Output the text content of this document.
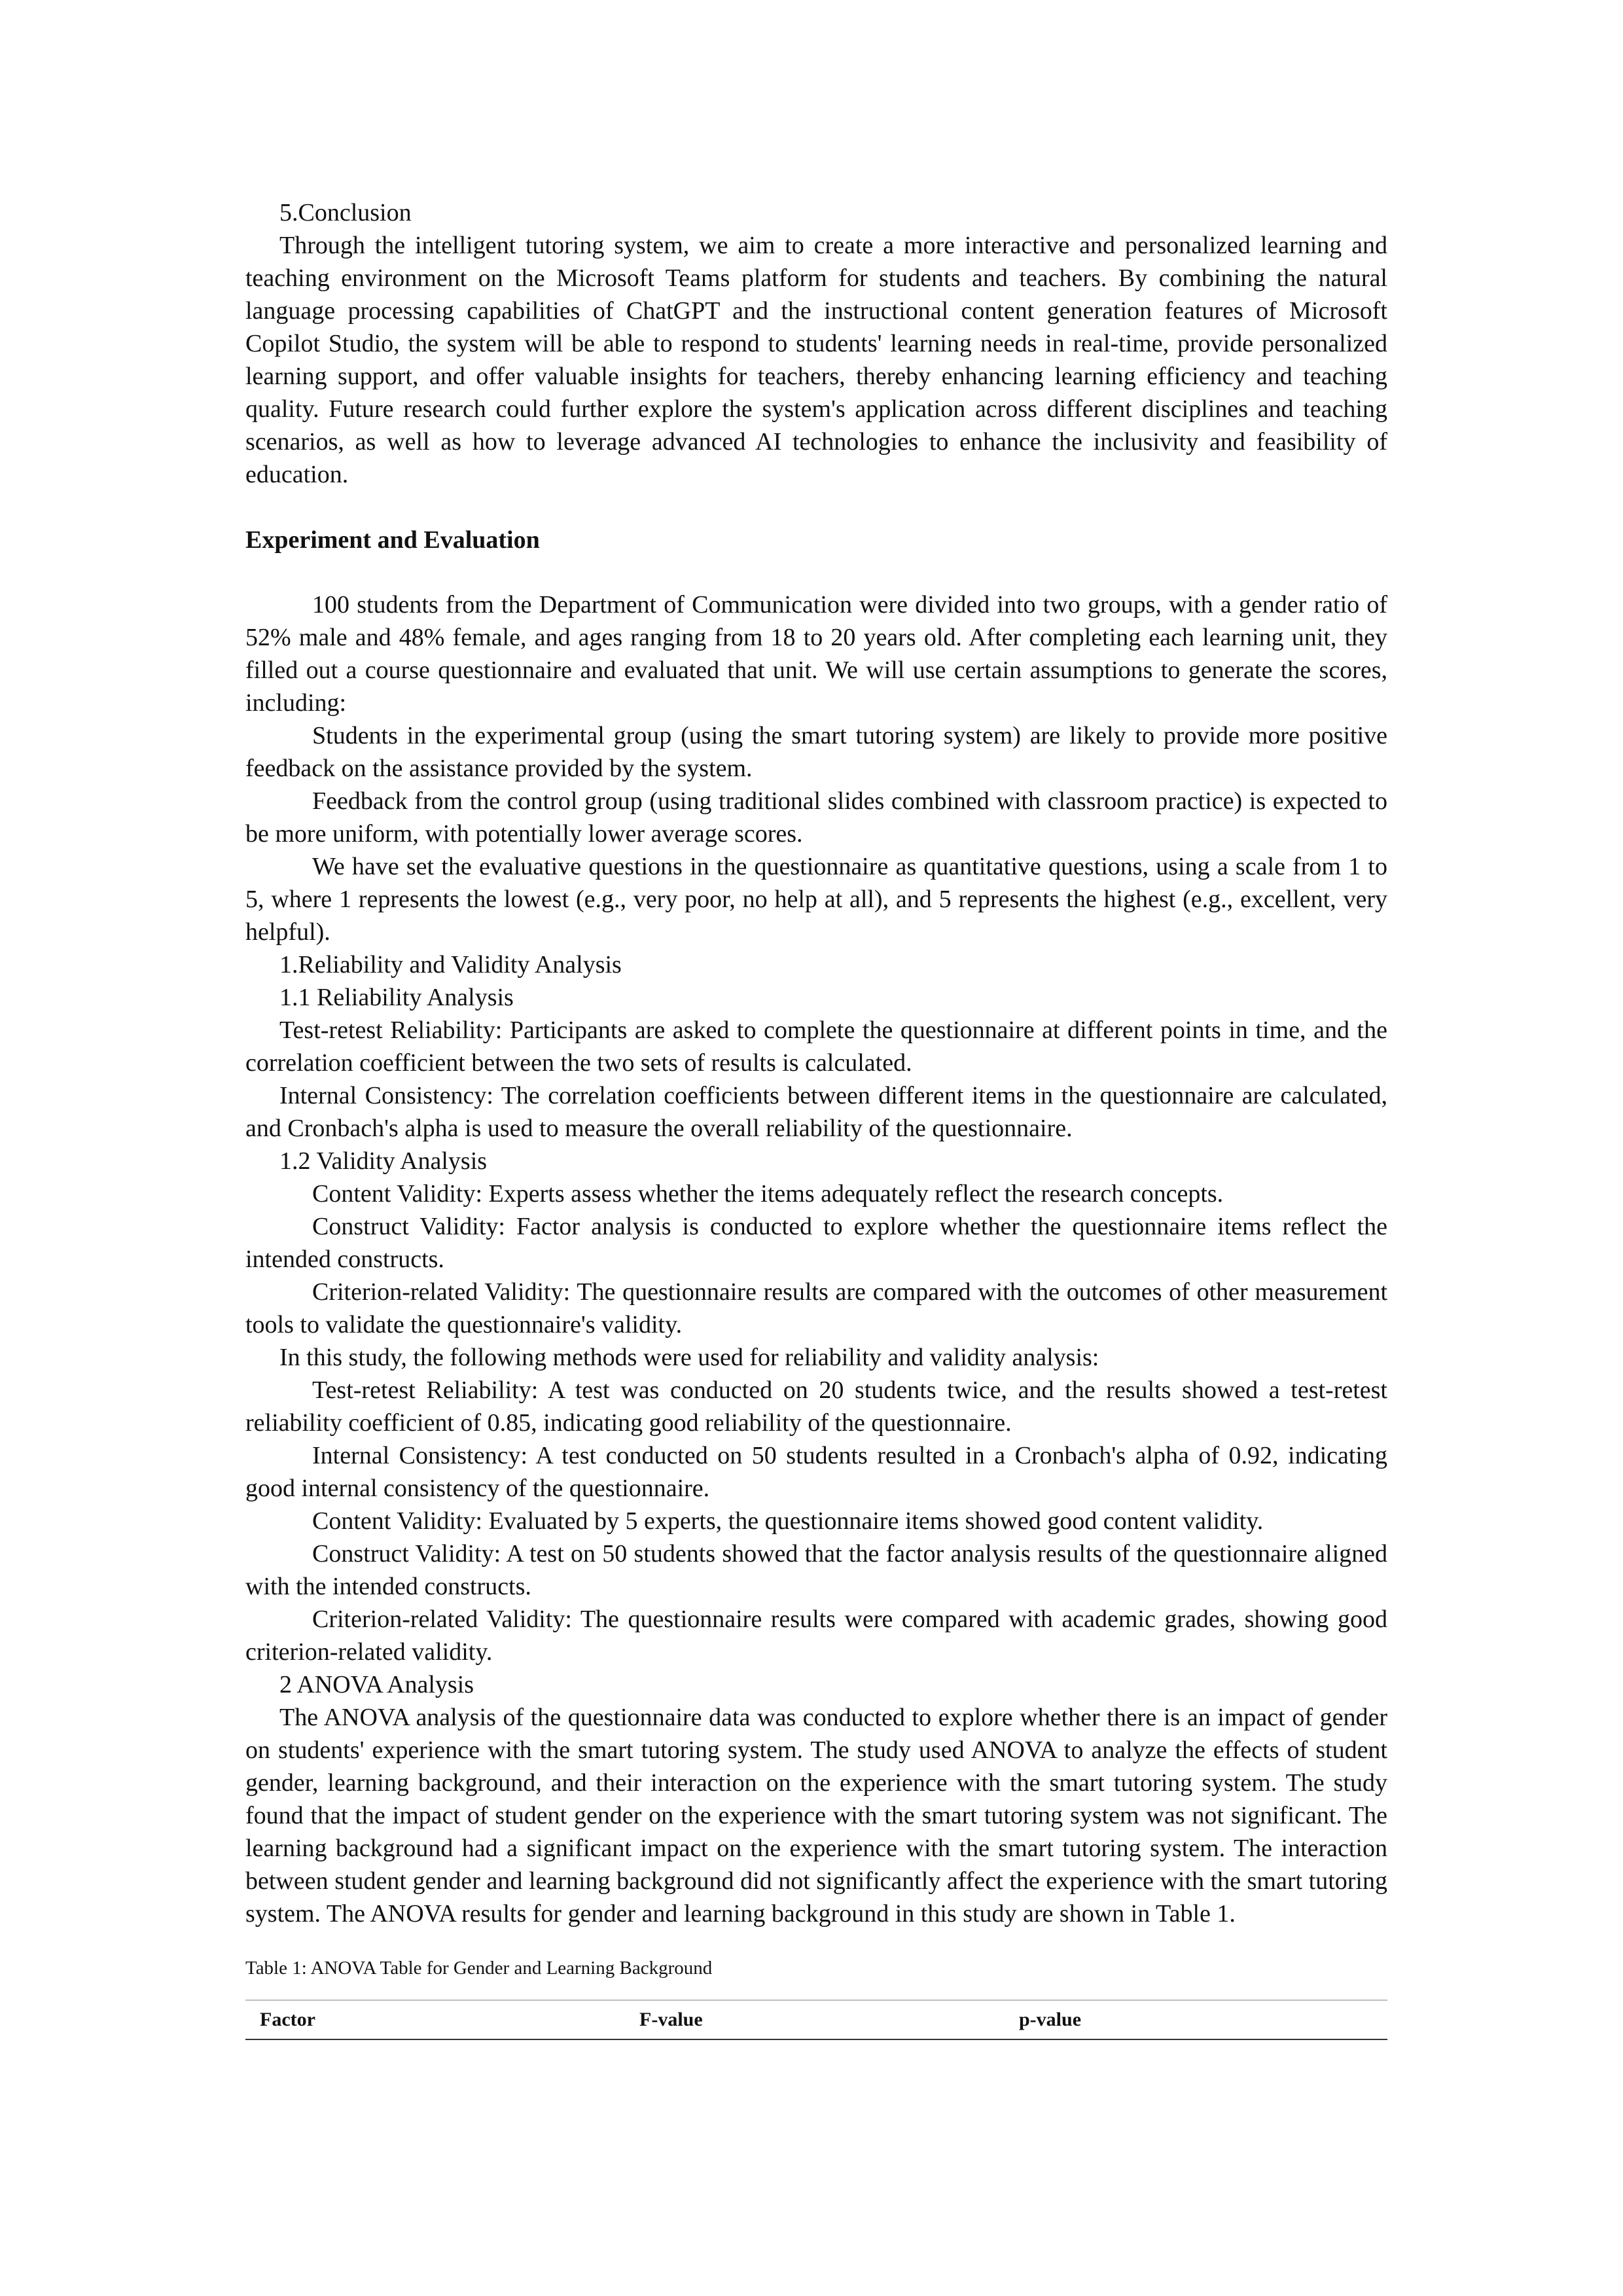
5.Conclusion

Through the intelligent tutoring system, we aim to create a more interactive and personalized learning and teaching environment on the Microsoft Teams platform for students and teachers. By combining the natural language processing capabilities of ChatGPT and the instructional content generation features of Microsoft Copilot Studio, the system will be able to respond to students' learning needs in real-time, provide personalized learning support, and offer valuable insights for teachers, thereby enhancing learning efficiency and teaching quality. Future research could further explore the system's application across different disciplines and teaching scenarios, as well as how to leverage advanced AI technologies to enhance the inclusivity and feasibility of education.

Experiment and Evaluation

100 students from the Department of Communication were divided into two groups, with a gender ratio of 52% male and 48% female, and ages ranging from 18 to 20 years old. After completing each learning unit, they filled out a course questionnaire and evaluated that unit. We will use certain assumptions to generate the scores, including:

Students in the experimental group (using the smart tutoring system) are likely to provide more positive feedback on the assistance provided by the system.

Feedback from the control group (using traditional slides combined with classroom practice) is expected to be more uniform, with potentially lower average scores.

We have set the evaluative questions in the questionnaire as quantitative questions, using a scale from 1 to 5, where 1 represents the lowest (e.g., very poor, no help at all), and 5 represents the highest (e.g., excellent, very helpful).

1.Reliability and Validity Analysis

1.1 Reliability Analysis

Test-retest Reliability: Participants are asked to complete the questionnaire at different points in time, and the correlation coefficient between the two sets of results is calculated.

Internal Consistency: The correlation coefficients between different items in the questionnaire are calculated, and Cronbach's alpha is used to measure the overall reliability of the questionnaire.

1.2 Validity Analysis

Content Validity: Experts assess whether the items adequately reflect the research concepts.

Construct Validity: Factor analysis is conducted to explore whether the questionnaire items reflect the intended constructs.

Criterion-related Validity: The questionnaire results are compared with the outcomes of other measurement tools to validate the questionnaire's validity.

In this study, the following methods were used for reliability and validity analysis:

Test-retest Reliability: A test was conducted on 20 students twice, and the results showed a test-retest reliability coefficient of 0.85, indicating good reliability of the questionnaire.

Internal Consistency: A test conducted on 50 students resulted in a Cronbach's alpha of 0.92, indicating good internal consistency of the questionnaire.

Content Validity: Evaluated by 5 experts, the questionnaire items showed good content validity.

Construct Validity: A test on 50 students showed that the factor analysis results of the questionnaire aligned with the intended constructs.

Criterion-related Validity: The questionnaire results were compared with academic grades, showing good criterion-related validity.

2 ANOVA Analysis

The ANOVA analysis of the questionnaire data was conducted to explore whether there is an impact of gender on students' experience with the smart tutoring system. The study used ANOVA to analyze the effects of student gender, learning background, and their interaction on the experience with the smart tutoring system. The study found that the impact of student gender on the experience with the smart tutoring system was not significant. The learning background had a significant impact on the experience with the smart tutoring system. The interaction between student gender and learning background did not significantly affect the experience with the smart tutoring system. The ANOVA results for gender and learning background in this study are shown in Table 1.

Table 1: ANOVA Table for Gender and Learning Background

Factor	F-value	p-value
